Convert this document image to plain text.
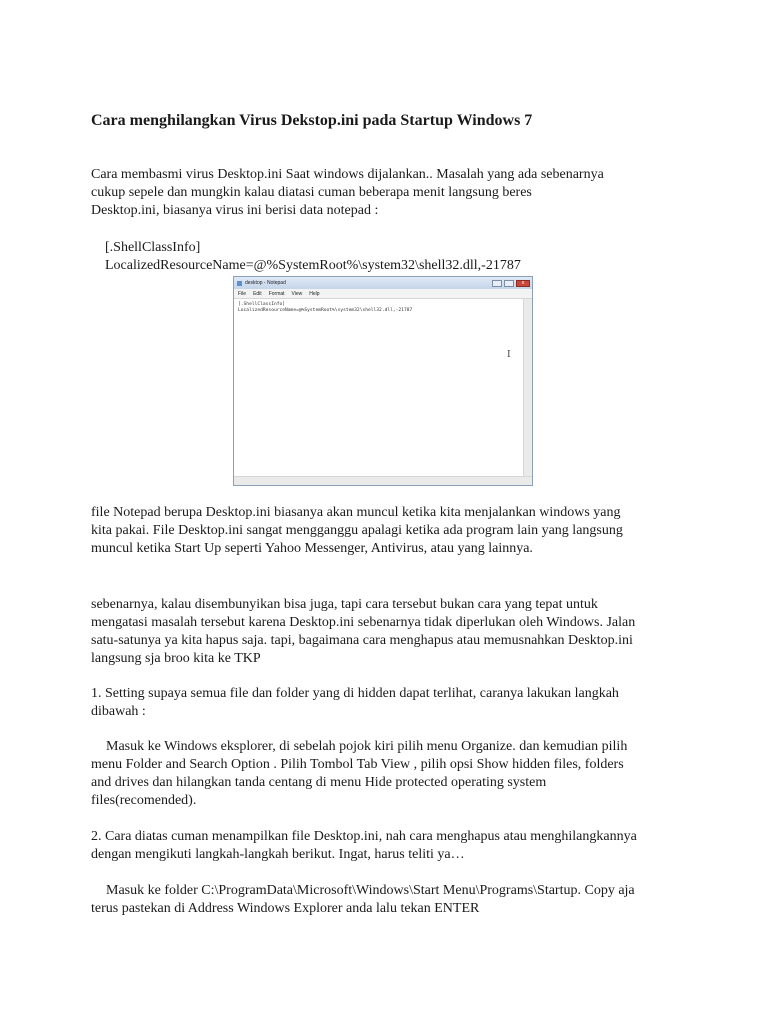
Cara menghilangkan Virus Dekstop.ini pada Startup Windows 7
Cara membasmi virus Desktop.ini Saat windows dijalankan.. Masalah yang ada sebenarnya
cukup sepele dan mungkin kalau diatasi cuman beberapa menit langsung beres
Desktop.ini, biasanya virus ini berisi data notepad :
[.ShellClassInfo]
LocalizedResourceName=@%SystemRoot%\system32\shell32.dll,-21787
desktop - Notepad	x
File Edit Format View Help
[.ShellClassInfo]
LocalizedResourceName=@%SystemRoot%\system32\shell32.dll,-21787
I
file Notepad berupa Desktop.ini biasanya akan muncul ketika kita menjalankan windows yang
kita pakai. File Desktop.ini sangat mengganggu apalagi ketika ada program lain yang langsung
muncul ketika Start Up seperti Yahoo Messenger, Antivirus, atau yang lainnya.
sebenarnya, kalau disembunyikan bisa juga, tapi cara tersebut bukan cara yang tepat untuk
mengatasi masalah tersebut karena Desktop.ini sebenarnya tidak diperlukan oleh Windows. Jalan
satu-satunya ya kita hapus saja. tapi, bagaimana cara menghapus atau memusnahkan Desktop.ini
langsung sja broo kita ke TKP
1. Setting supaya semua file dan folder yang di hidden dapat terlihat, caranya lakukan langkah
dibawah :
Masuk ke Windows eksplorer, di sebelah pojok kiri pilih menu Organize. dan kemudian pilih
menu Folder and Search Option . Pilih Tombol Tab View , pilih opsi Show hidden files, folders
and drives dan hilangkan tanda centang di menu Hide protected operating system
files(recomended).
2. Cara diatas cuman menampilkan file Desktop.ini, nah cara menghapus atau menghilangkannya
dengan mengikuti langkah-langkah berikut. Ingat, harus teliti ya…
Masuk ke folder C:\ProgramData\Microsoft\Windows\Start Menu\Programs\Startup. Copy aja
terus pastekan di Address Windows Explorer anda lalu tekan ENTER
